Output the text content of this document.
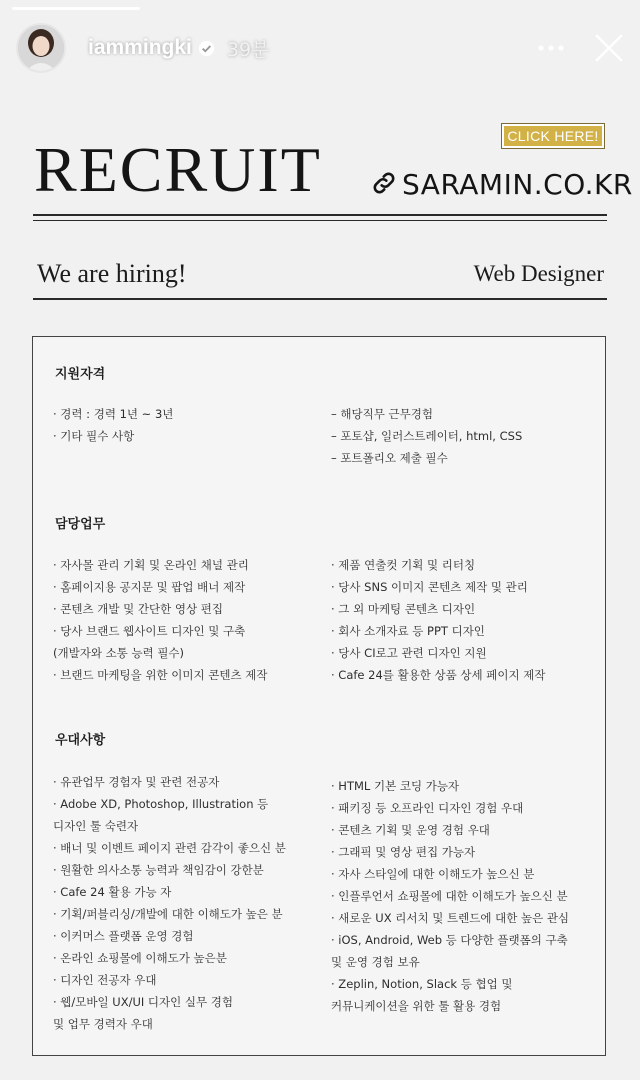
iammingki 39분
CLICK HERE!
RECRUIT	SARAMIN.CO.KR
We are hiring!	Web Designer
지원자격
· 경력 : 경력 1년 ~ 3년
· 기타 필수 사항
– 해당직무 근무경험
– 포토샵, 일러스트레이터, html, CSS
– 포트폴리오 제출 필수
담당업무
· 자사몰 관리 기획 및 온라인 채널 관리
· 홈페이지용 공지문 및 팝업 배너 제작
· 콘텐츠 개발 및 간단한 영상 편집
· 당사 브랜드 웹사이트 디자인 및 구축
(개발자와 소통 능력 필수)
· 브랜드 마케팅을 위한 이미지 콘텐츠 제작
· 제품 연출컷 기획 및 리터칭
· 당사 SNS 이미지 콘텐츠 제작 및 관리
· 그 외 마케팅 콘텐츠 디자인
· 회사 소개자료 등 PPT 디자인
· 당사 CI로고 관련 디자인 지원
· Cafe 24를 활용한 상품 상세 페이지 제작
우대사항
· 유관업무 경험자 및 관련 전공자
· Adobe XD, Photoshop, Illustration 등
디자인 툴 숙련자
· 배너 및 이벤트 페이지 관련 감각이 좋으신 분
· 원활한 의사소통 능력과 책임감이 강한분
· Cafe 24 활용 가능 자
· 기획/퍼블리싱/개발에 대한 이해도가 높은 분
· 이커머스 플랫폼 운영 경험
· 온라인 쇼핑몰에 이해도가 높은분
· 디자인 전공자 우대
· 웹/모바일 UX/UI 디자인 실무 경험
및 업무 경력자 우대
· HTML 기본 코딩 가능자
· 패키징 등 오프라인 디자인 경험 우대
· 콘텐츠 기획 및 운영 경험 우대
· 그래픽 및 영상 편집 가능자
· 자사 스타일에 대한 이해도가 높으신 분
· 인플루언서 쇼핑몰에 대한 이해도가 높으신 분
· 새로운 UX 리서치 및 트렌드에 대한 높은 관심
· iOS, Android, Web 등 다양한 플랫폼의 구축
및 운영 경험 보유
· Zeplin, Notion, Slack 등 협업 및
커뮤니케이션을 위한 툴 활용 경험
